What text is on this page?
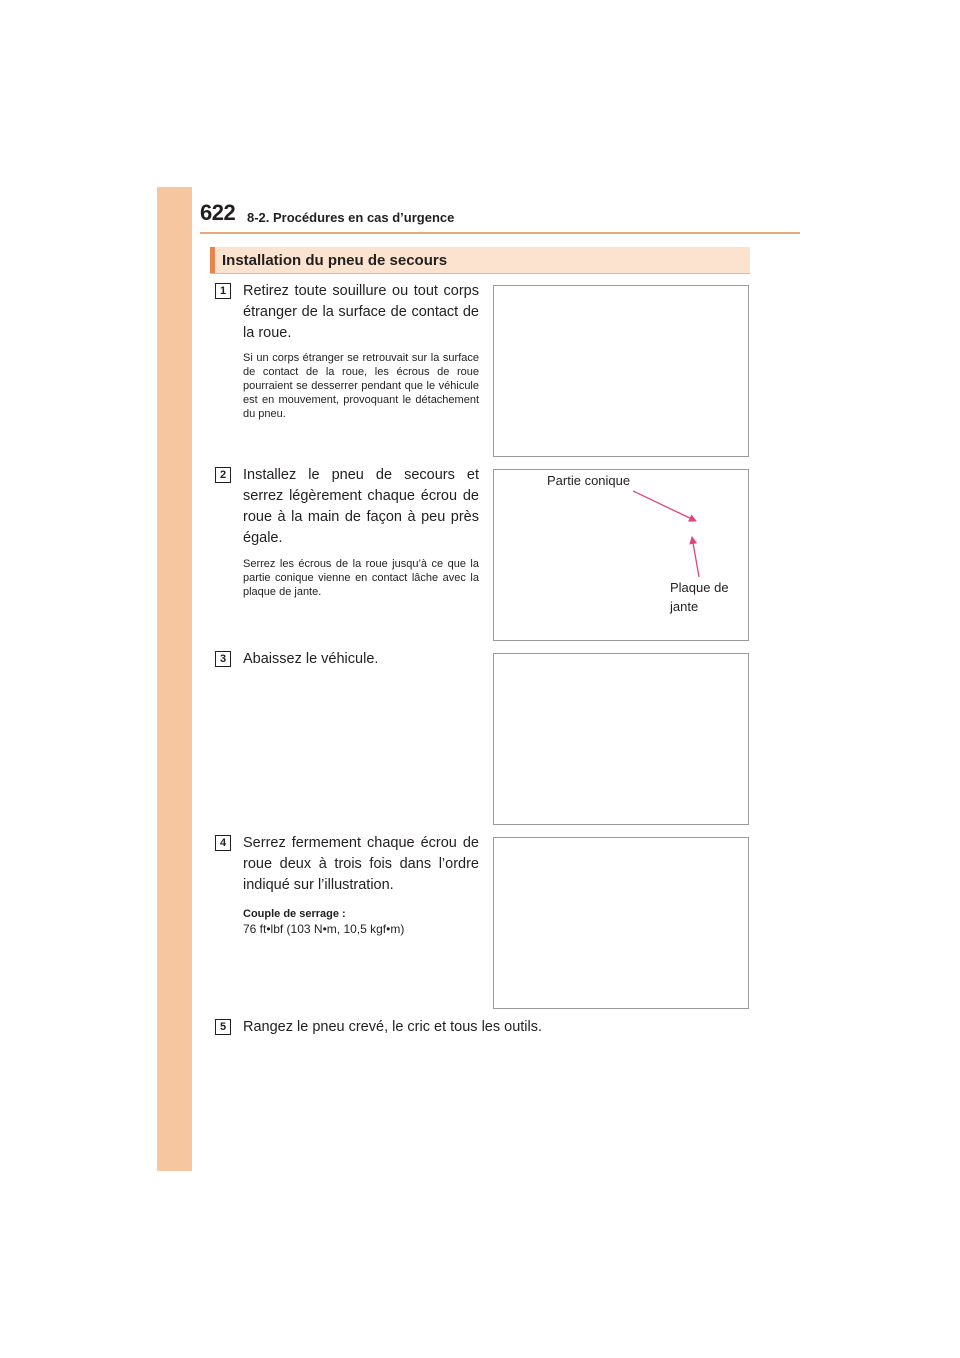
622 8-2. Procédures en cas d’urgence
Installation du pneu de secours
1	Retirez toute souillure ou tout corps étranger de la surface de contact de la roue.
Si un corps étranger se retrouvait sur la surface de contact de la roue, les écrous de roue pourraient se desserrer pendant que le véhicule est en mouvement, provoquant le détachement du pneu.
2	Installez le pneu de secours et serrez légèrement chaque écrou de roue à la main de façon à peu près égale.
Serrez les écrous de la roue jusqu’à ce que la partie conique vienne en contact lâche avec la plaque de jante.
Partie conique
Plaque de
jante
3	Abaissez le véhicule.
4	Serrez fermement chaque écrou de roue deux à trois fois dans l’ordre indiqué sur l’illustration.
Couple de serrage :
76 ft•lbf (103 N•m, 10,5 kgf•m)
5	Rangez le pneu crevé, le cric et tous les outils.
